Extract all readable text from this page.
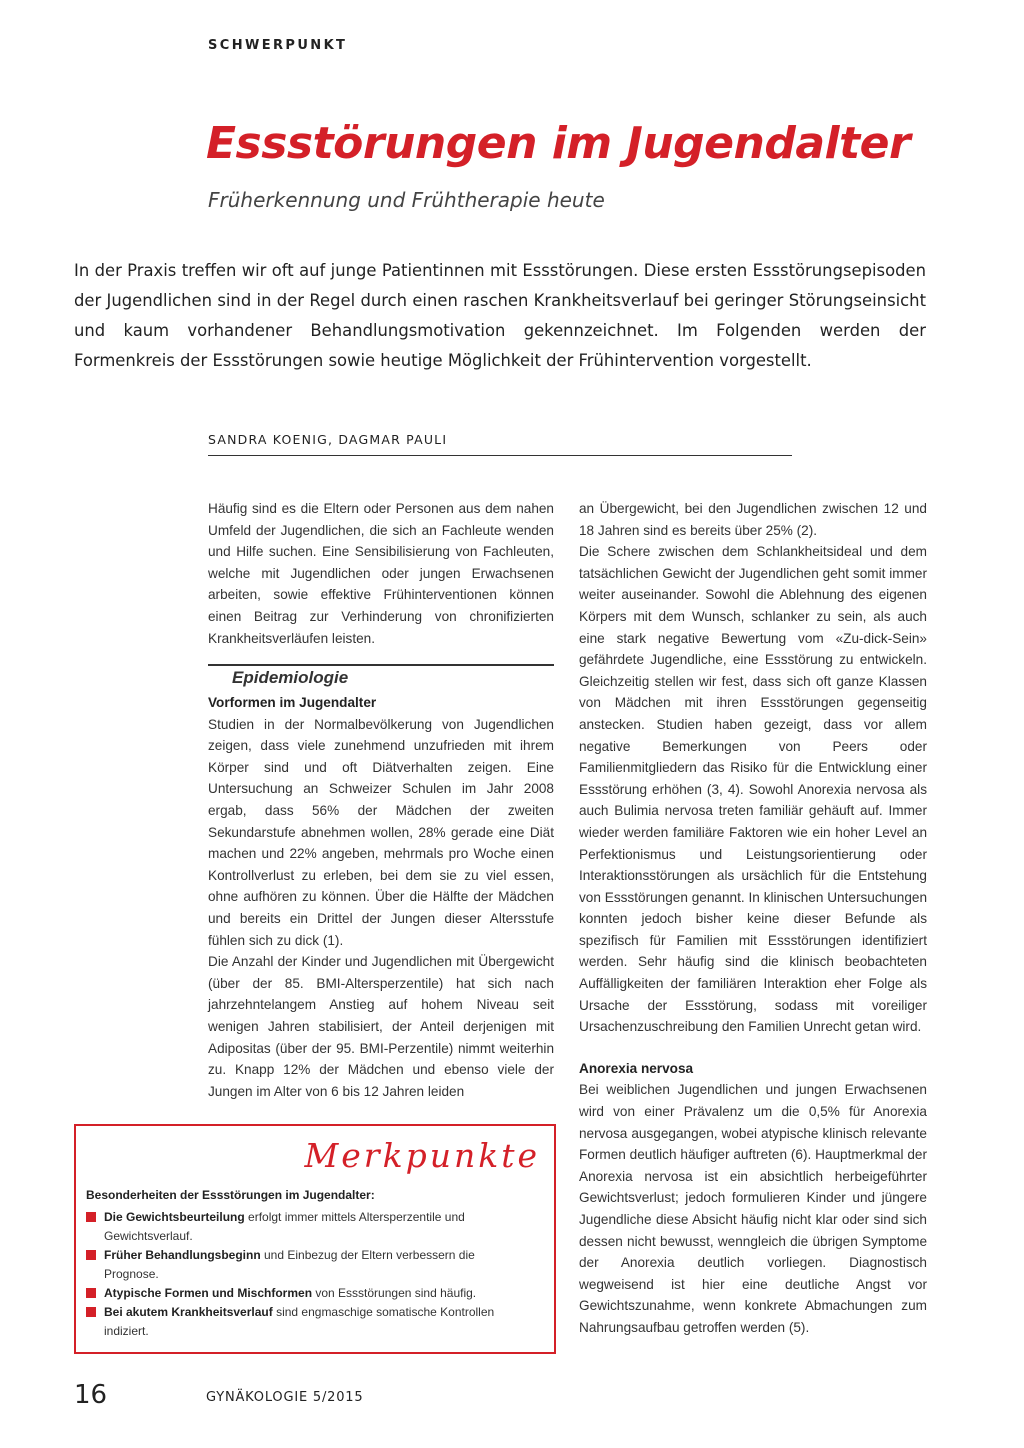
SCHWERPUNKT
Essstörungen im Jugendalter
Früherkennung und Frühtherapie heute
In der Praxis treffen wir oft auf junge Patientinnen mit Essstörungen. Diese ersten Essstörungsepisoden der Jugendlichen sind in der Regel durch einen raschen Krankheitsverlauf bei geringer Störungseinsicht und kaum vorhandener Behandlungsmotivation gekennzeichnet. Im Folgenden werden der Formenkreis der Essstörungen sowie heutige Möglichkeit der Frühintervention vorgestellt.
SANDRA KOENIG, DAGMAR PAULI

Häufig sind es die Eltern oder Personen aus dem nahen Umfeld der Jugendlichen, die sich an Fachleute wenden und Hilfe suchen. Eine Sensibilisierung von Fachleuten, welche mit Jugendlichen oder jungen Erwachsenen arbeiten, sowie effektive Frühinterventionen können einen Beitrag zur Verhinderung von chronifizierten Krankheitsverläufen leisten.

Epidemiologie

Vorformen im Jugendalter

Studien in der Normalbevölkerung von Jugendlichen zeigen, dass viele zunehmend unzufrieden mit ihrem Körper sind und oft Diätverhalten zeigen. Eine Untersuchung an Schweizer Schulen im Jahr 2008 ergab, dass 56% der Mädchen der zweiten Sekundarstufe abnehmen wollen, 28% gerade eine Diät machen und 22% angeben, mehrmals pro Woche einen Kontrollverlust zu erleben, bei dem sie zu viel essen, ohne aufhören zu können. Über die Hälfte der Mädchen und bereits ein Drittel der Jungen dieser Altersstufe fühlen sich zu dick (1).

Die Anzahl der Kinder und Jugendlichen mit Übergewicht (über der 85. BMI-Altersperzentile) hat sich nach jahrzehntelangem Anstieg auf hohem Niveau seit wenigen Jahren stabilisiert, der Anteil derjenigen mit Adipositas (über der 95. BMI-Perzentile) nimmt weiterhin zu. Knapp 12% der Mädchen und ebenso viele der Jungen im Alter von 6 bis 12 Jahren leiden

an Übergewicht, bei den Jugendlichen zwischen 12 und 18 Jahren sind es bereits über 25% (2).

Die Schere zwischen dem Schlankheitsideal und dem tatsächlichen Gewicht der Jugendlichen geht somit immer weiter auseinander. Sowohl die Ablehnung des eigenen Körpers mit dem Wunsch, schlanker zu sein, als auch eine stark negative Bewertung vom «Zu-dick-Sein» gefährdete Jugendliche, eine Essstörung zu entwickeln. Gleichzeitig stellen wir fest, dass sich oft ganze Klassen von Mädchen mit ihren Essstörungen gegenseitig anstecken. Studien haben gezeigt, dass vor allem negative Bemerkungen von Peers oder Familienmitgliedern das Risiko für die Entwicklung einer Essstörung erhöhen (3, 4). Sowohl Anorexia nervosa als auch Bulimia nervosa treten familiär gehäuft auf. Immer wieder werden familiäre Faktoren wie ein hoher Level an Perfektionismus und Leistungsorientierung oder Interaktionsstörungen als ursächlich für die Entstehung von Essstörungen genannt. In klinischen Untersuchungen konnten jedoch bisher keine dieser Befunde als spezifisch für Familien mit Essstörungen identifiziert werden. Sehr häufig sind die klinisch beobachteten Auffälligkeiten der familiären Interaktion eher Folge als Ursache der Essstörung, sodass mit voreiliger Ursachenzuschreibung den Familien Unrecht getan wird.

Anorexia nervosa

Bei weiblichen Jugendlichen und jungen Erwachsenen wird von einer Prävalenz um die 0,5% für Anorexia nervosa ausgegangen, wobei atypische klinisch relevante Formen deutlich häufiger auftreten (6). Hauptmerkmal der Anorexia nervosa ist ein absichtlich herbeigeführter Gewichtsverlust; jedoch formulieren Kinder und jüngere Jugendliche diese Absicht häufig nicht klar oder sind sich dessen nicht bewusst, wenngleich die übrigen Symptome der Anorexia deutlich vorliegen. Diagnostisch wegweisend ist hier eine deutliche Angst vor Gewichtszunahme, wenn konkrete Abmachungen zum Nahrungsaufbau getroffen werden (5).

Merkpunkte
Besonderheiten der Essstörungen im Jugendalter:
Die Gewichtsbeurteilung erfolgt immer mittels Altersperzentile und Gewichtsverlauf.
Früher Behandlungsbeginn und Einbezug der Eltern verbessern die Prognose.
Atypische Formen und Mischformen von Essstörungen sind häufig.
Bei akutem Krankheitsverlauf sind engmaschige somatische Kontrollen indiziert.
16	GYNÄKOLOGIE 5/2015
